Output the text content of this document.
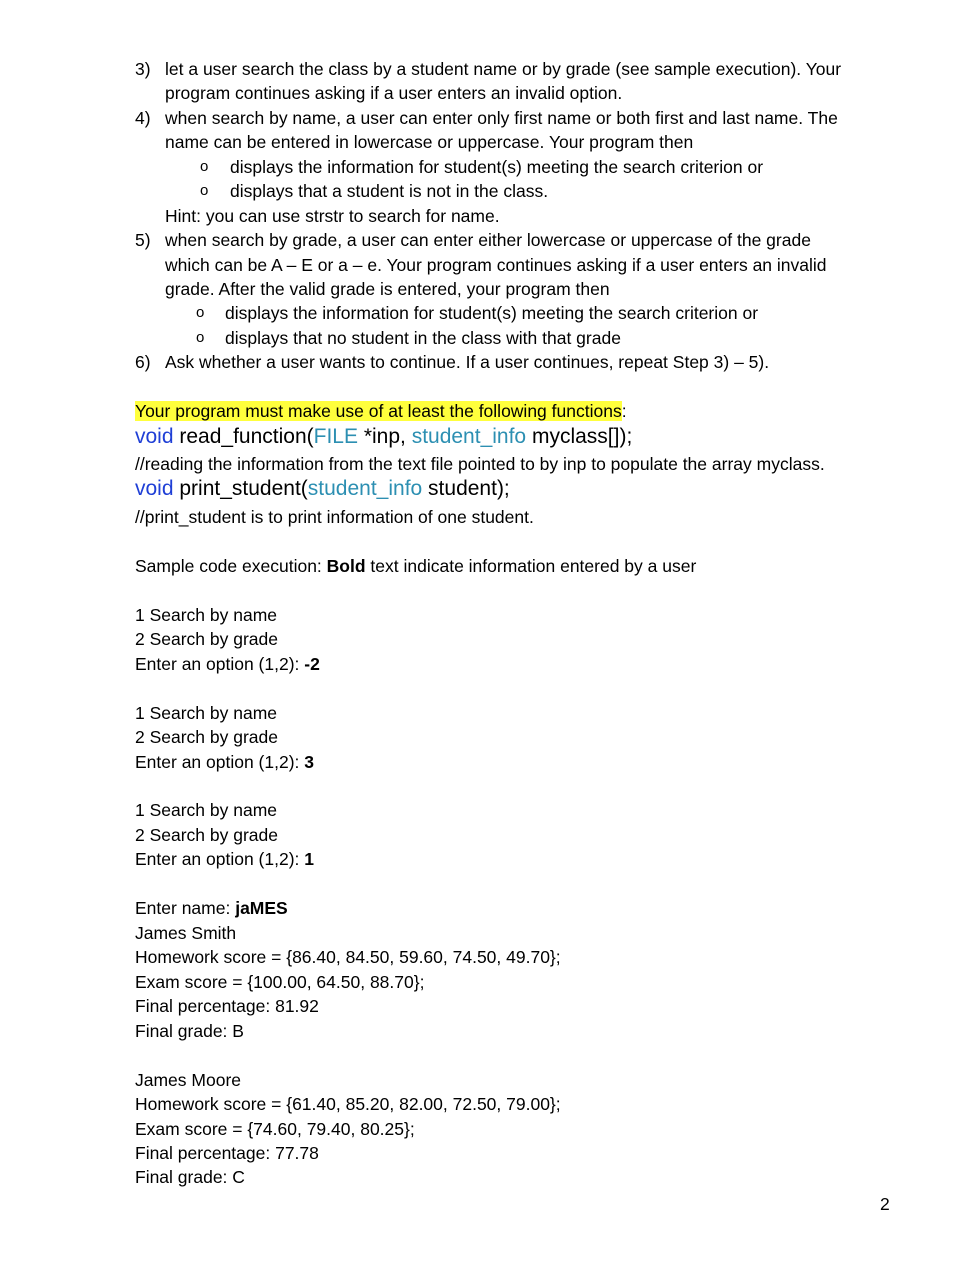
3) let a user search the class by a student name or by grade (see sample execution). Your
program continues asking if a user enters an invalid option.
4) when search by name, a user can enter only first name or both first and last name. The
name can be entered in lowercase or uppercase. Your program then
o displays the information for student(s) meeting the search criterion or
o displays that a student is not in the class.
Hint: you can use strstr to search for name.
5) when search by grade, a user can enter either lowercase or uppercase of the grade
which can be A – E or a – e. Your program continues asking if a user enters an invalid
grade. After the valid grade is entered, your program then
o displays the information for student(s) meeting the search criterion or
o displays that no student in the class with that grade
6) Ask whether a user wants to continue. If a user continues, repeat Step 3) – 5).
Your program must make use of at least the following functions:
void read_function(FILE *inp, student_info myclass[]);
//reading the information from the text file pointed to by inp to populate the array myclass.
void print_student(student_info student);
//print_student is to print information of one student.
Sample code execution: Bold text indicate information entered by a user
1 Search by name
2 Search by grade
Enter an option (1,2): -2
1 Search by name
2 Search by grade
Enter an option (1,2): 3
1 Search by name
2 Search by grade
Enter an option (1,2): 1
Enter name: jaMES
James Smith
Homework score = {86.40, 84.50, 59.60, 74.50, 49.70};
Exam score = {100.00, 64.50, 88.70};
Final percentage: 81.92
Final grade: B
James Moore
Homework score = {61.40, 85.20, 82.00, 72.50, 79.00};
Exam score = {74.60, 79.40, 80.25};
Final percentage: 77.78
Final grade: C
2
